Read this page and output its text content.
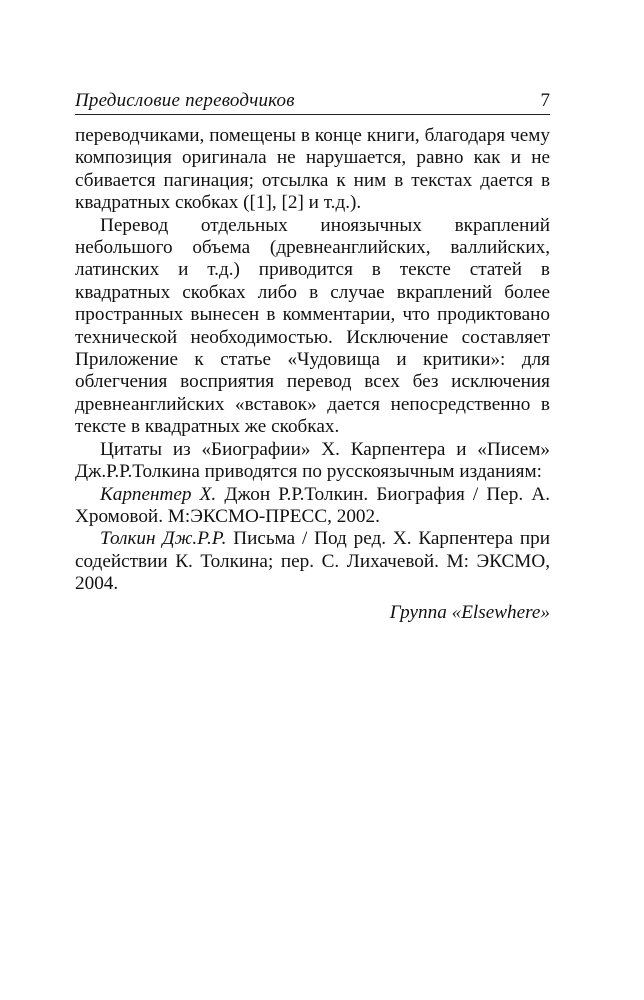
Предисловие переводчиков	7

переводчиками, помещены в конце книги, благодаря чему композиция оригинала не нарушается, равно как и не сбивается пагинация; отсылка к ним в текстах дается в квадратных скобках ([1], [2] и т.д.).

Перевод отдельных иноязычных вкраплений небольшого объема (древнеанглийских, валлийских, латинских и т.д.) приводится в тексте статей в квадратных скобках либо в случае вкраплений более пространных вынесен в комментарии, что продиктовано технической необходимостью. Исключение составляет Приложение к статье «Чудовища и критики»: для облегчения восприятия перевод всех без исключения древнеанглийских «вставок» дается непосредственно в тексте в квадратных же скобках.

Цитаты из «Биографии» Х. Карпентера и «Писем» Дж.Р.Р.Толкина приводятся по русскоязычным изданиям:

Карпентер Х. Джон Р.Р.Толкин. Биография / Пер. А. Хромовой. М:ЭКСМО-ПРЕСС, 2002.

Толкин Дж.Р.Р. Письма / Под ред. Х. Карпентера при содействии К. Толкина; пер. С. Лихачевой. М: ЭКСМО, 2004.

Группа «Elsewhere»
